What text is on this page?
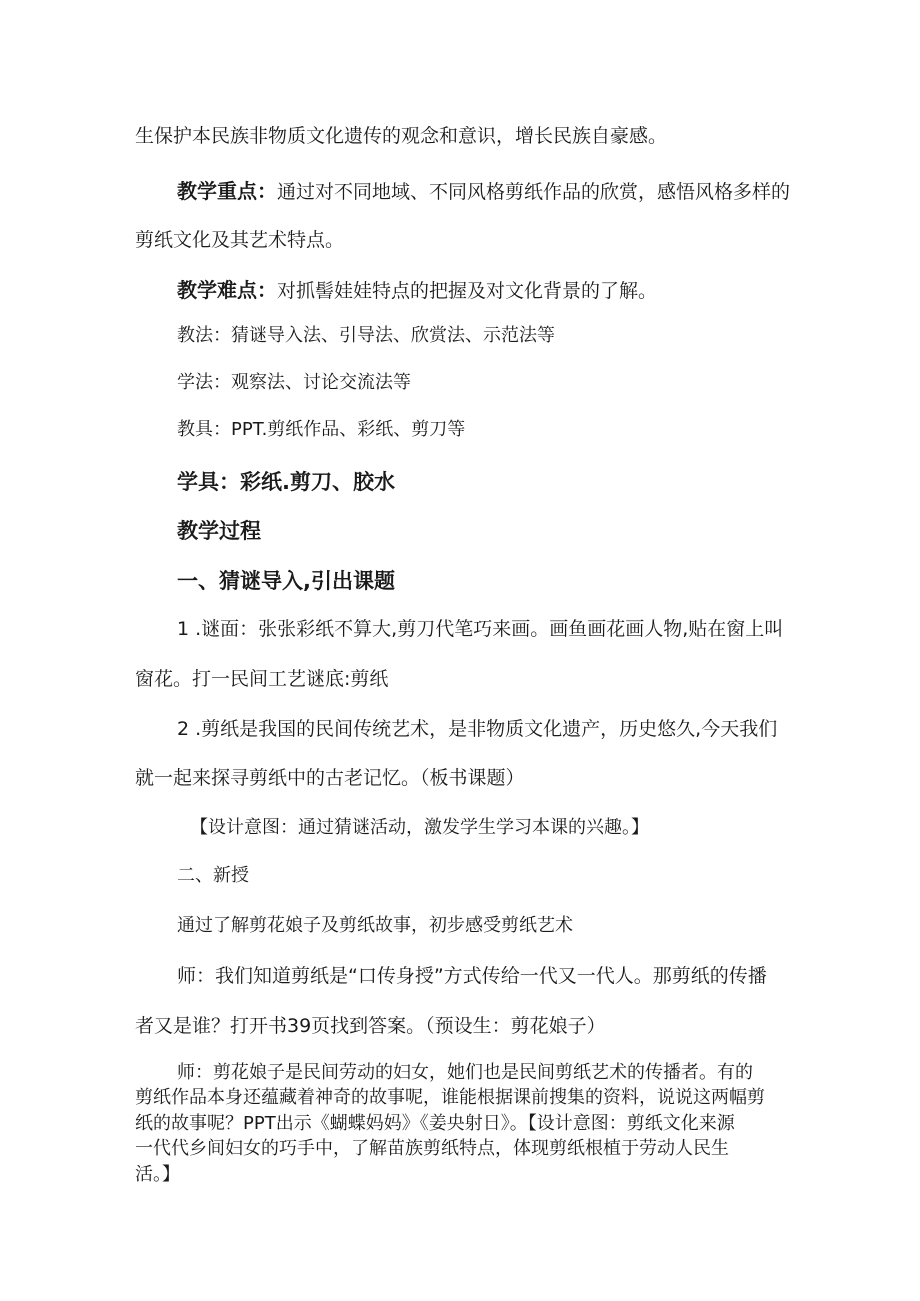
生保护本民族非物质文化遗传的观念和意识，增长民族自豪感。

教学重点：通过对不同地域、不同风格剪纸作品的欣赏，感悟风格多样的

剪纸文化及其艺术特点。

教学难点：对抓髻娃娃特点的把握及对文化背景的了解。

教法：猜谜导入法、引导法、欣赏法、示范法等

学法：观察法、讨论交流法等

教具：PPT.剪纸作品、彩纸、剪刀等

学具：彩纸.剪刀、胶水

教学过程

一、猜谜导入,引出课题

1 .谜面：张张彩纸不算大,剪刀代笔巧来画。画鱼画花画人物,贴在窗上叫

窗花。打一民间工艺谜底:剪纸

2 .剪纸是我国的民间传统艺术，是非物质文化遗产，历史悠久,今天我们

就一起来探寻剪纸中的古老记忆。（板书课题）

【设计意图：通过猜谜活动，激发学生学习本课的兴趣。】

二、新授

通过了解剪花娘子及剪纸故事，初步感受剪纸艺术

师：我们知道剪纸是“口传身授”方式传给一代又一代人。那剪纸的传播

者又是谁？打开书39页找到答案。（预设生：剪花娘子）

师：剪花娘子是民间劳动的妇女，她们也是民间剪纸艺术的传播者。有的

剪纸作品本身还蕴藏着神奇的故事呢，谁能根据课前搜集的资料，说说这两幅剪

纸的故事呢？PPT出示《蝴蝶妈妈》《姜央射日》。【设计意图：剪纸文化来源

一代代乡间妇女的巧手中，了解苗族剪纸特点，体现剪纸根植于劳动人民生

活。】
